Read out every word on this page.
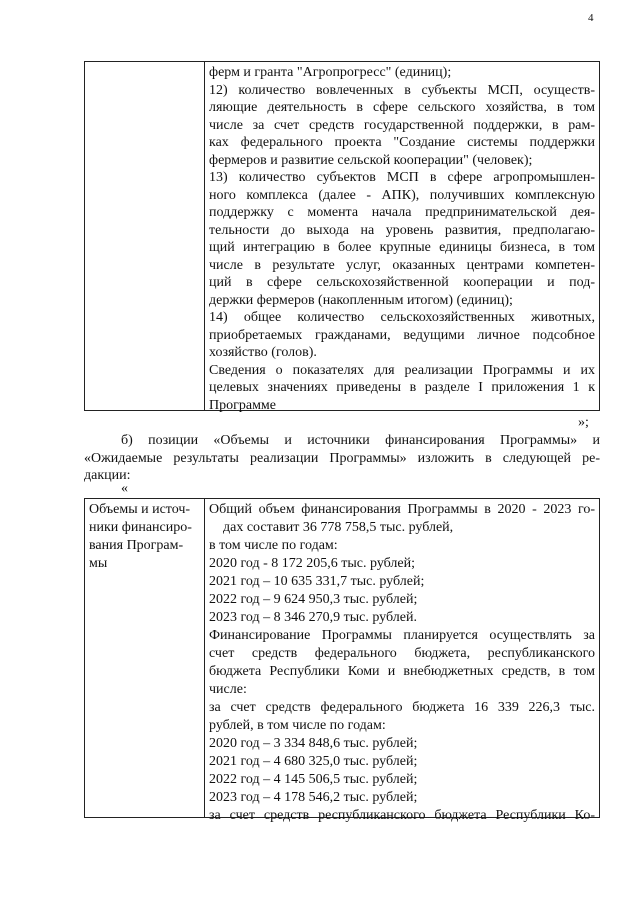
4
ферм и гранта "Агропрогресс" (единиц);
12) количество вовлеченных в субъекты МСП, осуществ-
ляющие деятельность в сфере сельского хозяйства, в том
числе за счет средств государственной поддержки, в рам-
ках федерального проекта "Создание системы поддержки
фермеров и развитие сельской кооперации" (человек);
13) количество субъектов МСП в сфере агропромышлен-
ного комплекса (далее - АПК), получивших комплексную
поддержку с момента начала предпринимательской дея-
тельности до выхода на уровень развития, предполагаю-
щий интеграцию в более крупные единицы бизнеса, в том
числе в результате услуг, оказанных центрами компетен-
ций в сфере сельскохозяйственной кооперации и под-
держки фермеров (накопленным итогом) (единиц);
14) общее количество сельскохозяйственных животных,
приобретаемых гражданами, ведущими личное подсобное
хозяйство (голов).
Сведения о показателях для реализации Программы и их
целевых значениях приведены в разделе I приложения 1 к
Программе
»;
б) позиции «Объемы и источники финансирования Программы» и
«Ожидаемые результаты реализации Программы» изложить в следующей ре-
дакции:
«
Объемы и источ-
ники финансиро-
вания Програм-
мы
Общий объем финансирования Программы в 2020 - 2023 го-
дах составит 36 778 758,5 тыс. рублей,
в том числе по годам:
2020 год - 8 172 205,6 тыс. рублей;
2021 год – 10 635 331,7 тыс. рублей;
2022 год – 9 624 950,3 тыс. рублей;
2023 год – 8 346 270,9 тыс. рублей.
Финансирование Программы планируется осуществлять за
счет средств федерального бюджета, республиканского
бюджета Республики Коми и внебюджетных средств, в том
числе:
за счет средств федерального бюджета 16 339 226,3 тыс.
рублей, в том числе по годам:
2020 год – 3 334 848,6 тыс. рублей;
2021 год – 4 680 325,0 тыс. рублей;
2022 год – 4 145 506,5 тыс. рублей;
2023 год – 4 178 546,2 тыс. рублей;
за счет средств республиканского бюджета Республики Ко-
